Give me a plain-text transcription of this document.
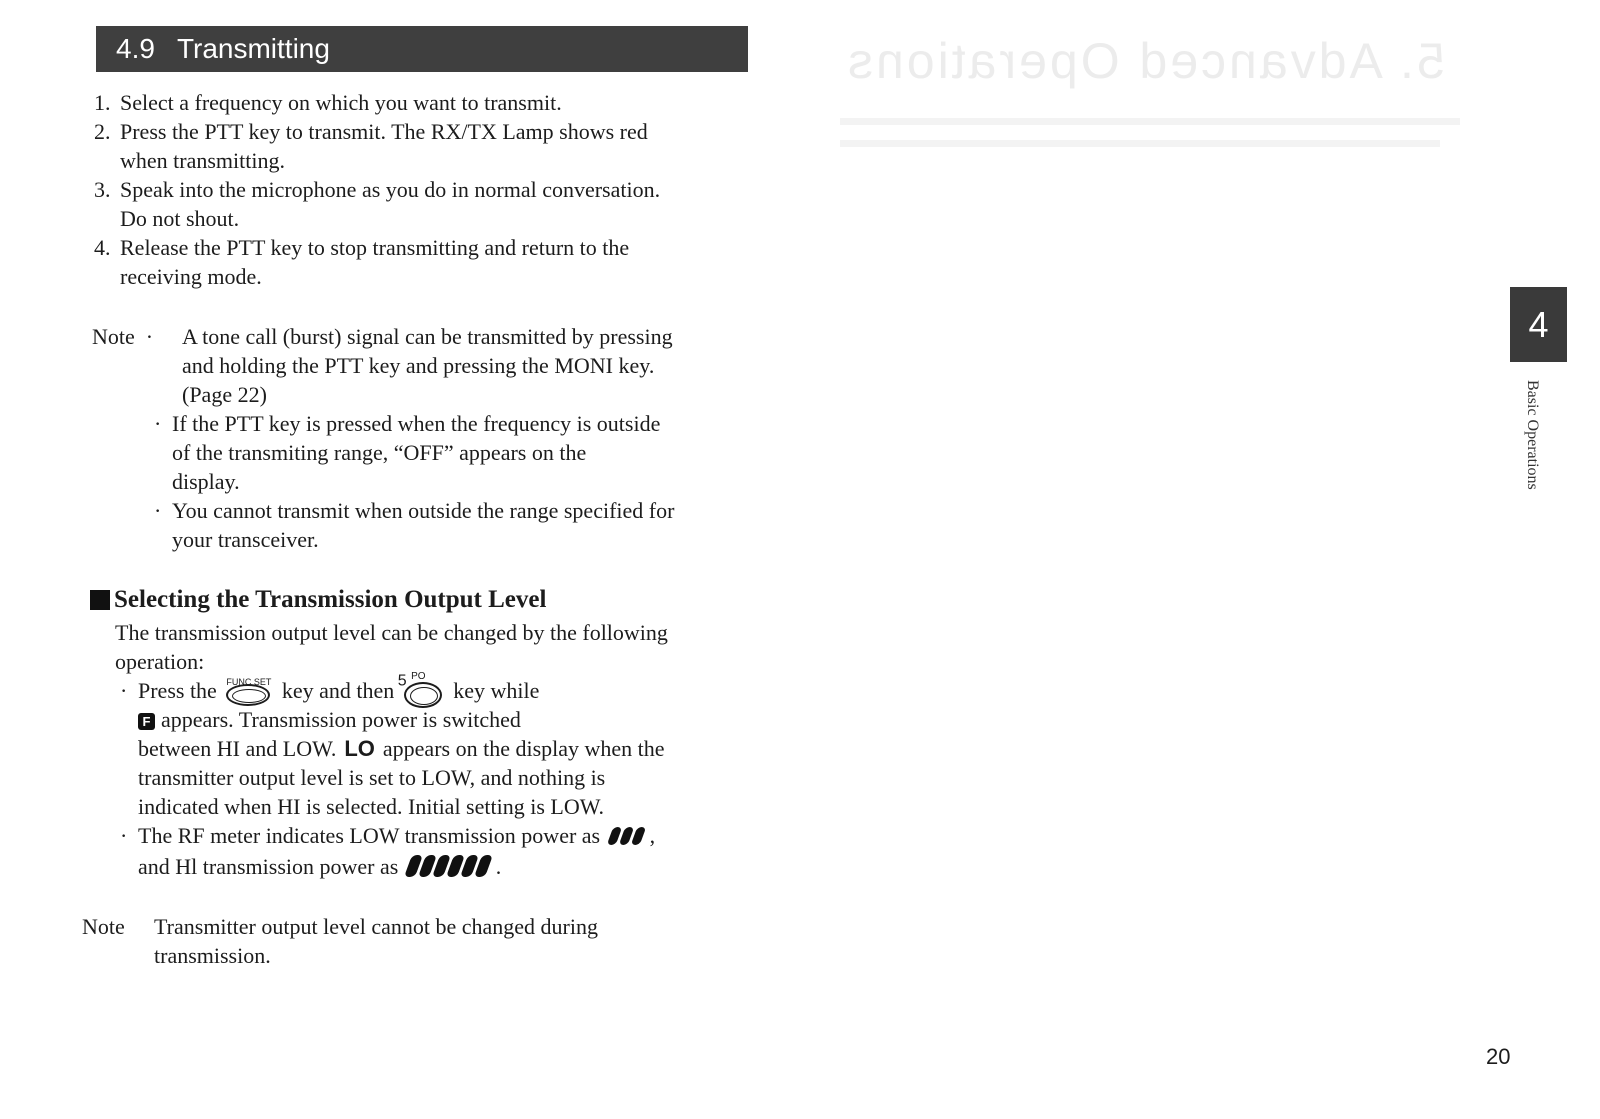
5. Advanced Operations
4.9 Transmitting
1. Select a frequency on which you want to transmit.
2. Press the PTT key to transmit. The RX/TX Lamp shows red
when transmitting.
3. Speak into the microphone as you do in normal conversation.
Do not shout.
4. Release the PTT key to stop transmitting and return to the
receiving mode.
Note  ·	A tone call (burst) signal can be transmitted by pressing
and holding the PTT key and pressing the MONI key.
(Page 22)
· If the PTT key is pressed when the frequency is outside
of the transmiting range, “OFF” appears on the
display.
· You cannot transmit when outside the range specified for
your transceiver.
Selecting the Transmission Output Level
The transmission output level can be changed by the following
operation:
· Press the FUNC SET key and then 5 $^{PO}$
key while
F appears. Transmission power is switched
between HI and LOW. LO appears on the display when the
transmitter output level is set to LOW, and nothing is
indicated when HI is selected. Initial setting is LOW.
· The RF meter indicates LOW transmission power as ,
and Hl transmission power as	.
Note Transmitter output level cannot be changed during
transmission.
4
Basic Operations
20
